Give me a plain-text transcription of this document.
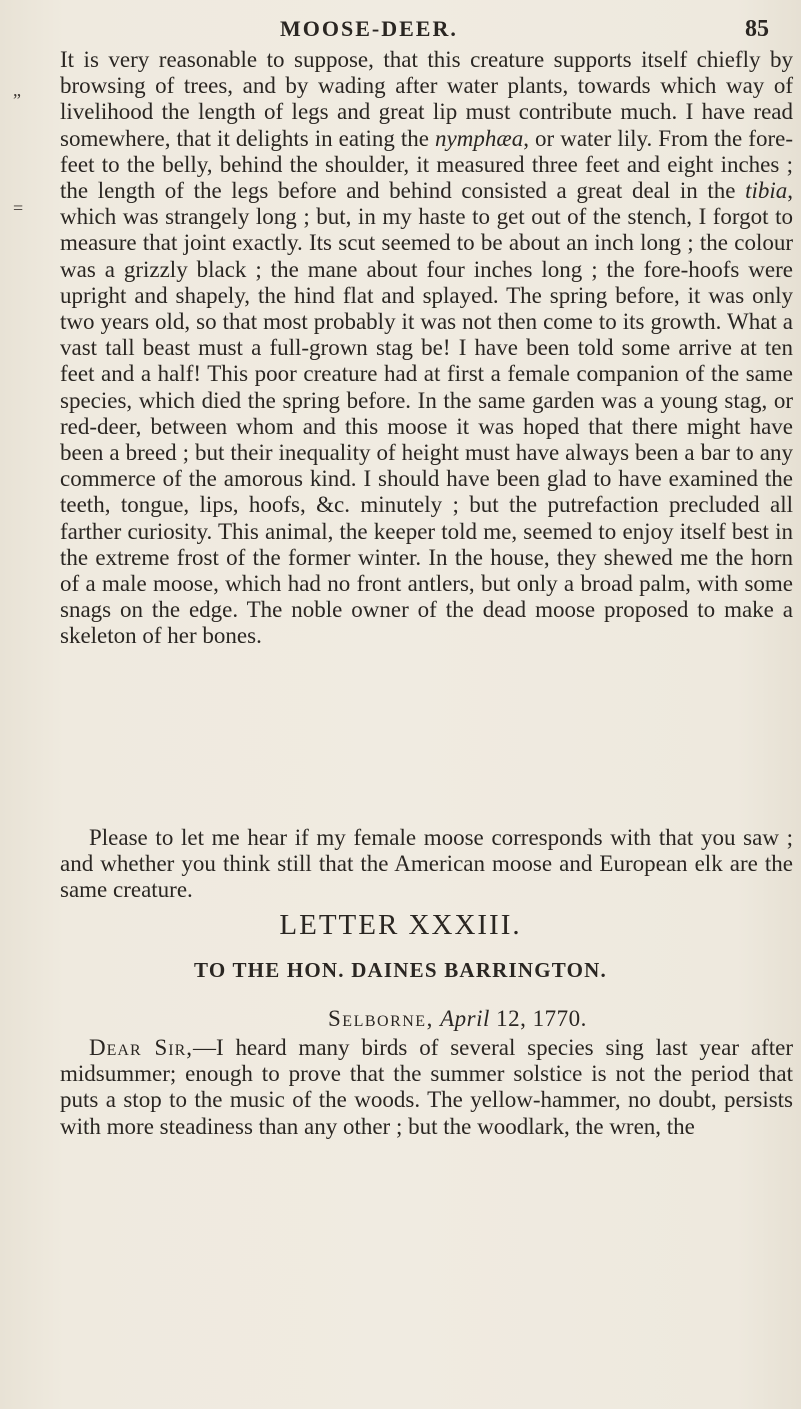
MOOSE-DEER.	85
”
=
It is very reasonable to suppose, that this creature supports itself chiefly by browsing of trees, and by wading after water plants, towards which way of livelihood the length of legs and great lip must contribute much. I have read somewhere, that it delights in eating the nymphæa, or water lily. From the fore-feet to the belly, behind the shoulder, it measured three feet and eight inches ; the length of the legs before and behind consisted a great deal in the tibia, which was strangely long ; but, in my haste to get out of the stench, I forgot to measure that joint exactly. Its scut seemed to be about an inch long ; the colour was a grizzly black ; the mane about four inches long ; the fore-hoofs were upright and shapely, the hind flat and splayed. The spring before, it was only two years old, so that most probably it was not then come to its growth. What a vast tall beast must a full-grown stag be! I have been told some arrive at ten feet and a half! This poor creature had at first a female companion of the same species, which died the spring before. In the same garden was a young stag, or red-deer, between whom and this moose it was hoped that there might have been a breed ; but their inequality of height must have always been a bar to any commerce of the amorous kind. I should have been glad to have examined the teeth, tongue, lips, hoofs, &c. minutely ; but the putrefaction precluded all farther curiosity. This animal, the keeper told me, seemed to enjoy itself best in the extreme frost of the former winter. In the house, they shewed me the horn of a male moose, which had no front antlers, but only a broad palm, with some snags on the edge. The noble owner of the dead moose proposed to make a skeleton of her bones.
Please to let me hear if my female moose corresponds with that you saw ; and whether you think still that the American moose and European elk are the same creature.
LETTER XXXIII.
TO THE HON. DAINES BARRINGTON.
Selborne, April 12, 1770.
Dear Sir,—I heard many birds of several species sing last year after midsummer; enough to prove that the summer solstice is not the period that puts a stop to the music of the woods. The yellow-hammer, no doubt, persists with more steadiness than any other ; but the woodlark, the wren, the
